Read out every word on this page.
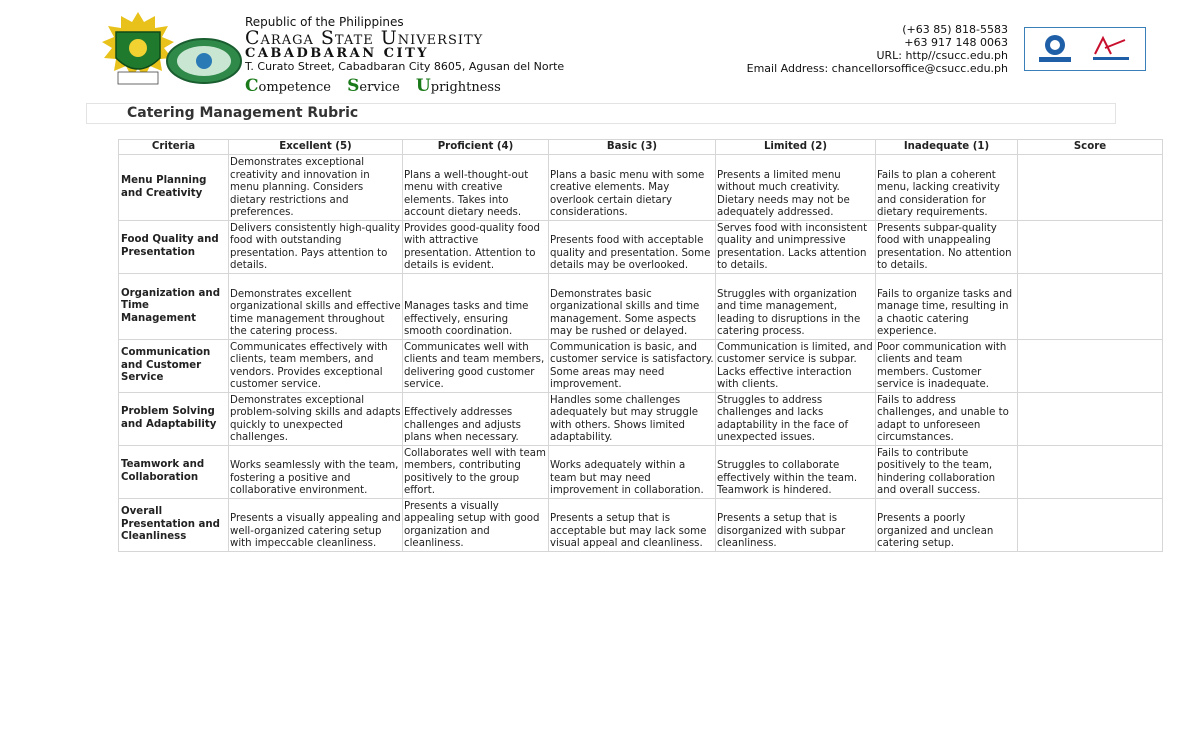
Republic of the Philippines
Caraga State University
CABADBARAN CITY
T. Curato Street, Cabadbaran City 8605, Agusan del Norte
Competence Service Uprightness
(+63 85) 818-5583
+63 917 148 0063
URL: http//csucc.edu.ph
Email Address: chancellorsoffice@csucc.edu.ph
Catering Management Rubric
Criteria	Excellent (5)	Proficient (4)	Basic (3)	Limited (2)	Inadequate (1)	Score
Menu Planning and Creativity	Demonstrates exceptional creativity and innovation in menu planning. Considers dietary restrictions and preferences.	Plans a well-thought-out menu with creative elements. Takes into account dietary needs.	Plans a basic menu with some creative elements. May overlook certain dietary considerations.	Presents a limited menu without much creativity. Dietary needs may not be adequately addressed.	Fails to plan a coherent menu, lacking creativity and consideration for dietary requirements.	
Food Quality and Presentation	Delivers consistently high-quality food with outstanding presentation. Pays attention to details.	Provides good-quality food with attractive presentation. Attention to details is evident.	Presents food with acceptable quality and presentation. Some details may be overlooked.	Serves food with inconsistent quality and unimpressive presentation. Lacks attention to details.	Presents subpar-quality food with unappealing presentation. No attention to details.	
Organization and Time Management	Demonstrates excellent organizational skills and effective time management throughout the catering process.	Manages tasks and time effectively, ensuring smooth coordination.	Demonstrates basic organizational skills and time management. Some aspects may be rushed or delayed.	Struggles with organization and time management, leading to disruptions in the catering process.	Fails to organize tasks and manage time, resulting in a chaotic catering experience.	
Communication and Customer Service	Communicates effectively with clients, team members, and vendors. Provides exceptional customer service.	Communicates well with clients and team members, delivering good customer service.	Communication is basic, and customer service is satisfactory. Some areas may need improvement.	Communication is limited, and customer service is subpar. Lacks effective interaction with clients.	Poor communication with clients and team members. Customer service is inadequate.	
Problem Solving and Adaptability	Demonstrates exceptional problem-solving skills and adapts quickly to unexpected challenges.	Effectively addresses challenges and adjusts plans when necessary.	Handles some challenges adequately but may struggle with others. Shows limited adaptability.	Struggles to address challenges and lacks adaptability in the face of unexpected issues.	Fails to address challenges, and unable to adapt to unforeseen circumstances.	
Teamwork and Collaboration	Works seamlessly with the team, fostering a positive and collaborative environment.	Collaborates well with team members, contributing positively to the group effort.	Works adequately within a team but may need improvement in collaboration.	Struggles to collaborate effectively within the team. Teamwork is hindered.	Fails to contribute positively to the team, hindering collaboration and overall success.	
Overall Presentation and Cleanliness	Presents a visually appealing and well-organized catering setup with impeccable cleanliness.	Presents a visually appealing setup with good organization and cleanliness.	Presents a setup that is acceptable but may lack some visual appeal and cleanliness.	Presents a setup that is disorganized with subpar cleanliness.	Presents a poorly organized and unclean catering setup.	
